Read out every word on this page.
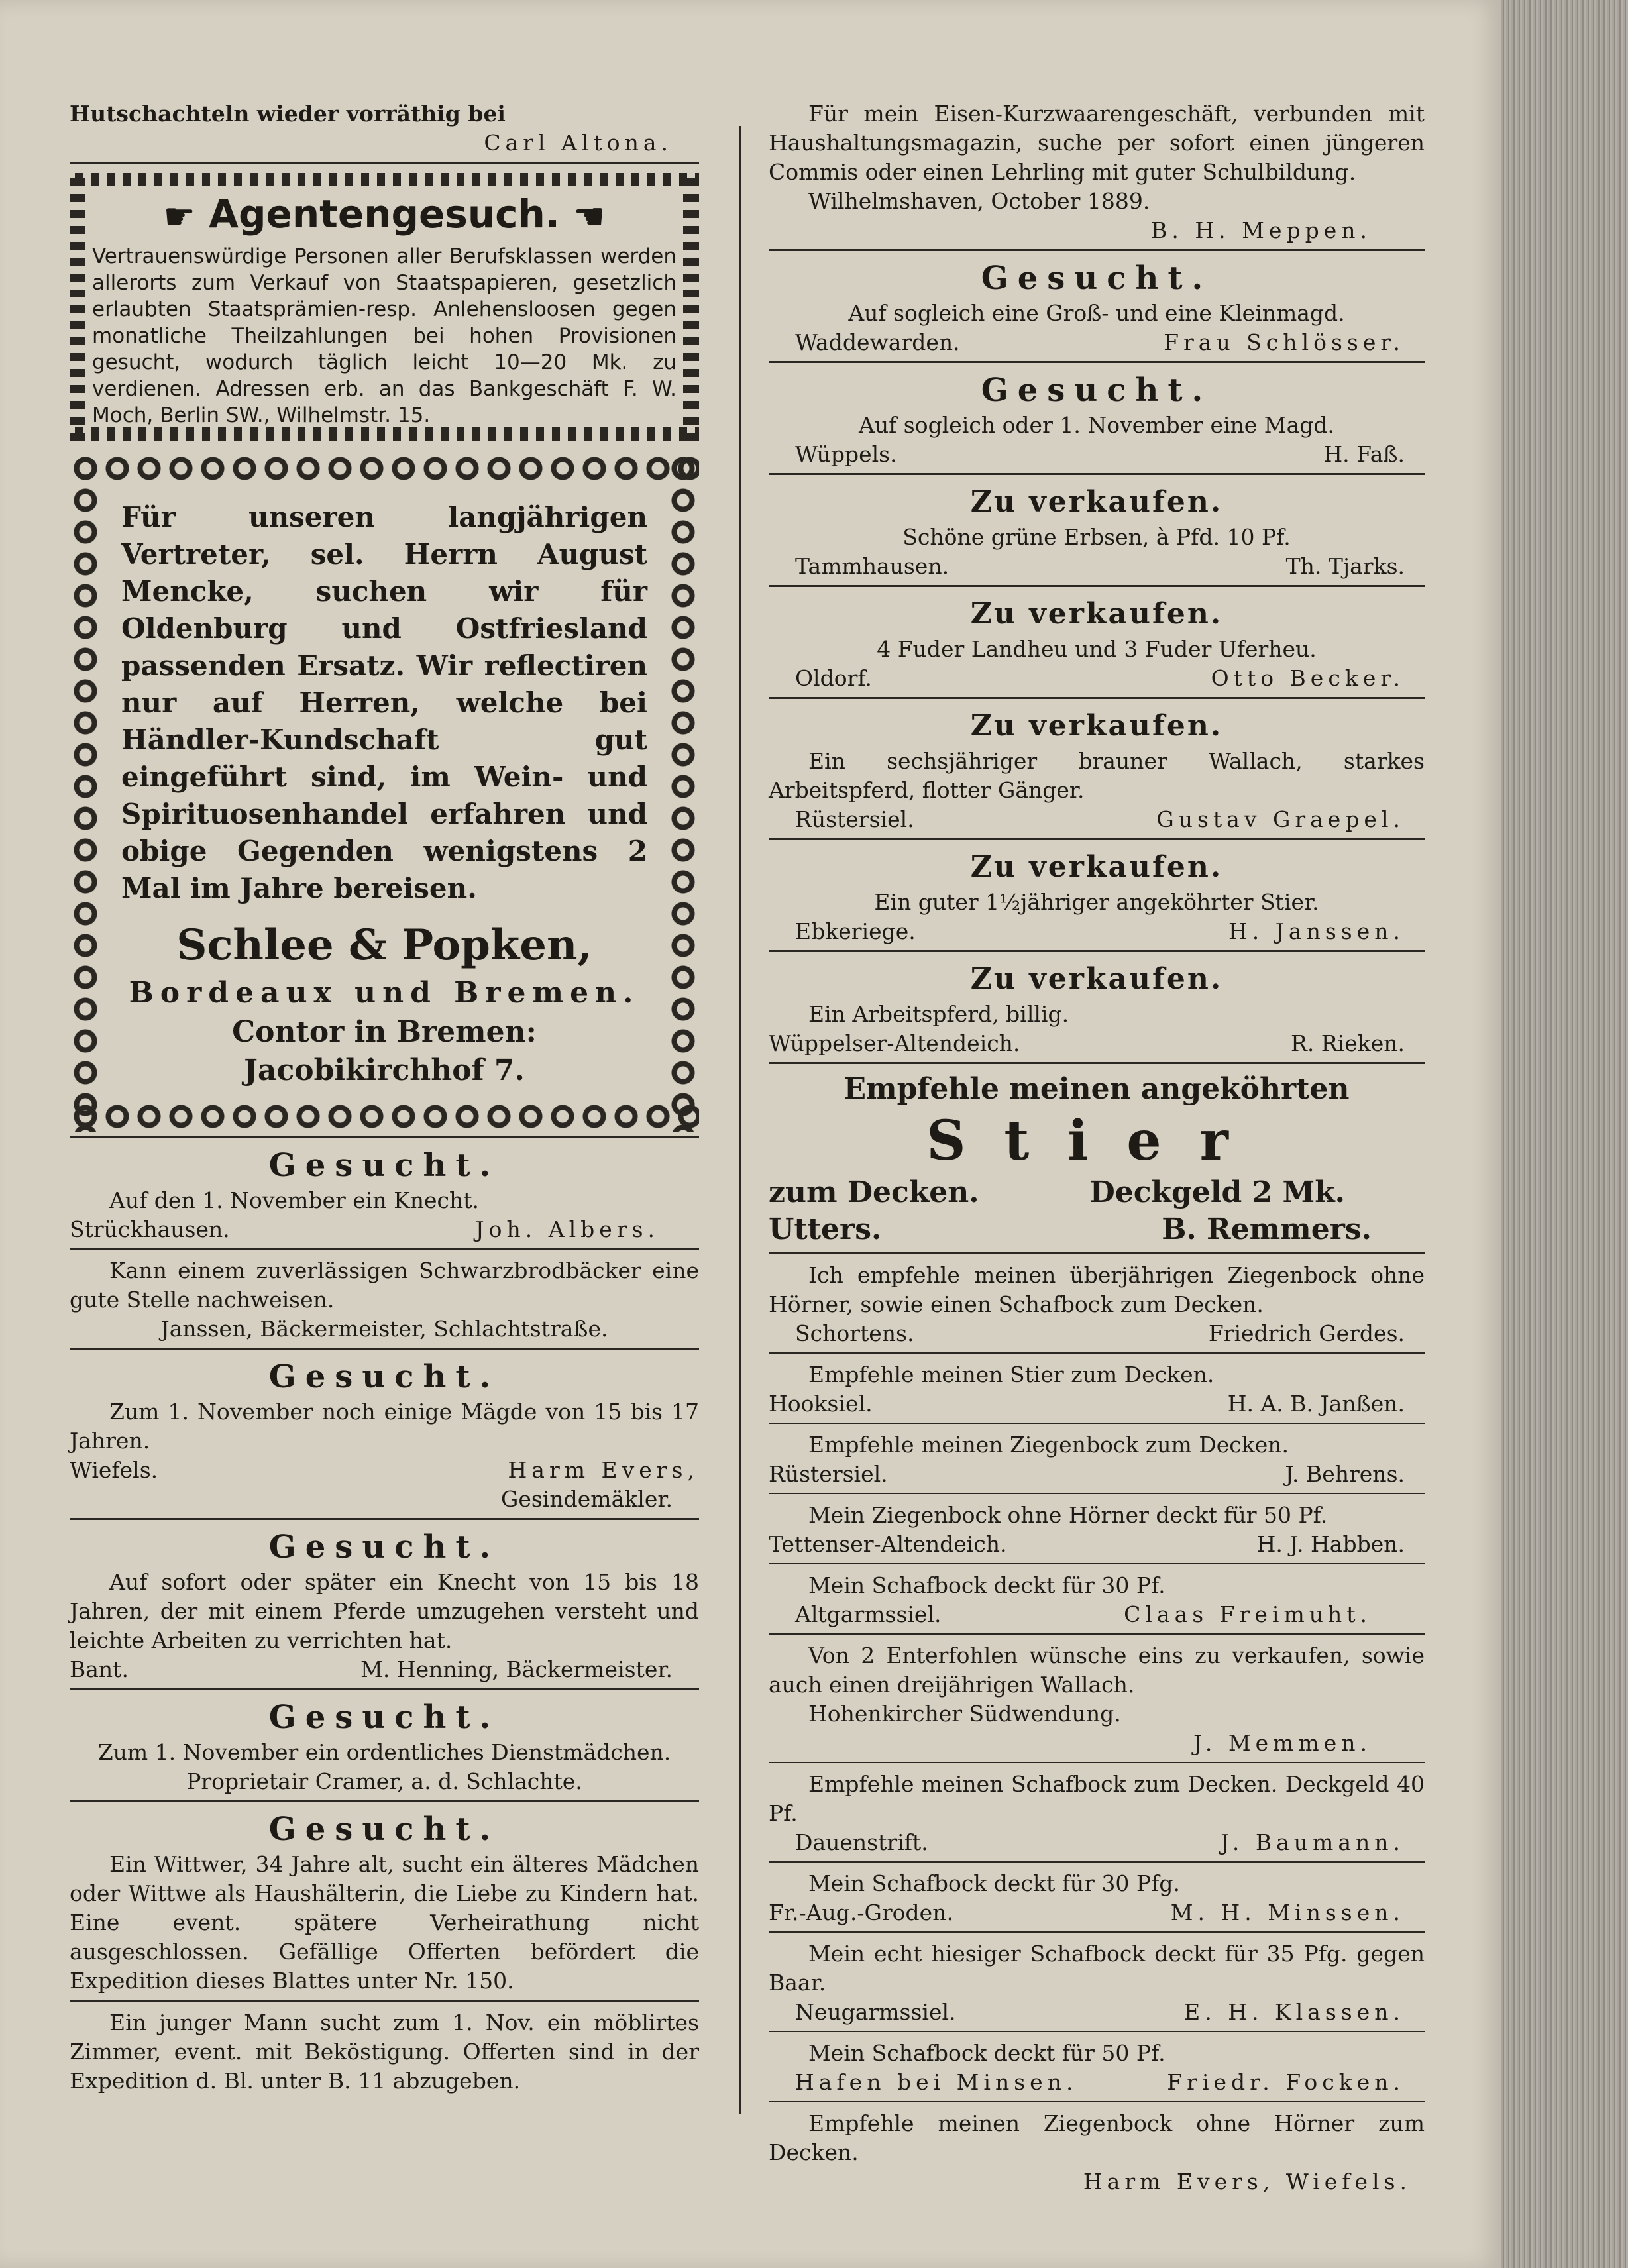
Hutschachteln wieder vorräthig bei
Carl Altona.
☛ Agentengesuch. ☚
Vertrauenswürdige Personen aller Berufsklassen werden allerorts zum Verkauf von Staatspapieren, gesetzlich erlaubten Staatsprämien-resp. Anlehensloosen gegen monatliche Theilzahlungen bei hohen Provisionen gesucht, wodurch täglich leicht 10—20 Mk. zu verdienen. Adressen erb. an das Bankgeschäft F. W. Moch, Berlin SW., Wilhelmstr. 15.
Für unseren langjährigen Vertreter, sel. Herrn August Mencke, suchen wir für Oldenburg und Ostfriesland passenden Ersatz. Wir reflectiren nur auf Herren, welche bei Händler-Kundschaft gut eingeführt sind, im Wein- und Spirituosenhandel erfahren und obige Gegenden wenigstens 2 Mal im Jahre bereisen.
Schlee & Popken,
Bordeaux und Bremen.
Contor in Bremen:
Jacobikirchhof 7.
Gesucht.
Auf den 1. November ein Knecht.
Strückhausen.	Joh. Albers.
Kann einem zuverlässigen Schwarzbrodbäcker eine gute Stelle nachweisen.
Janssen, Bäckermeister, Schlachtstraße.
Gesucht.
Zum 1. November noch einige Mägde von 15 bis 17 Jahren.
Wiefels.	Harm Evers,
Gesindemäkler.
Gesucht.
Auf sofort oder später ein Knecht von 15 bis 18 Jahren, der mit einem Pferde umzugehen versteht und leichte Arbeiten zu verrichten hat.
Bant.	M. Henning, Bäckermeister.
Gesucht.
Zum 1. November ein ordentliches Dienstmädchen.
Proprietair Cramer, a. d. Schlachte.
Gesucht.
Ein Wittwer, 34 Jahre alt, sucht ein älteres Mädchen oder Wittwe als Haushälterin, die Liebe zu Kindern hat. Eine event. spätere Verheirathung nicht ausgeschlossen. Gefällige Offerten befördert die Expedition dieses Blattes unter Nr. 150.
Ein junger Mann sucht zum 1. Nov. ein möblirtes Zimmer, event. mit Beköstigung. Offerten sind in der Expedition d. Bl. unter B. 11 abzugeben.
Für mein Eisen-Kurzwaarengeschäft, verbunden mit Haushaltungsmagazin, suche per sofort einen jüngeren Commis oder einen Lehrling mit guter Schulbildung.
Wilhelmshaven, October 1889.
B. H. Meppen.
Gesucht.
Auf sogleich eine Groß- und eine Kleinmagd.
Waddewarden.	Frau Schlösser.
Gesucht.
Auf sogleich oder 1. November eine Magd.
Wüppels.	H. Faß.
Zu verkaufen.
Schöne grüne Erbsen, à Pfd. 10 Pf.
Tammhausen.	Th. Tjarks.
Zu verkaufen.
4 Fuder Landheu und 3 Fuder Uferheu.
Oldorf.	Otto Becker.
Zu verkaufen.
Ein sechsjähriger brauner Wallach, starkes Arbeitspferd, flotter Gänger.
Rüstersiel.	Gustav Graepel.
Zu verkaufen.
Ein guter 1½jähriger angeköhrter Stier.
Ebkeriege.	H. Janssen.
Zu verkaufen.
Ein Arbeitspferd, billig.
Wüppelser-Altendeich.	R. Rieken.
Empfehle meinen angeköhrten
Stier
zum Decken.	Deckgeld 2 Mk.
Utters.	B. Remmers.
Ich empfehle meinen überjährigen Ziegenbock ohne Hörner, sowie einen Schafbock zum Decken.
Schortens.	Friedrich Gerdes.
Empfehle meinen Stier zum Decken.
Hooksiel.	H. A. B. Janßen.
Empfehle meinen Ziegenbock zum Decken.
Rüstersiel.	J. Behrens.
Mein Ziegenbock ohne Hörner deckt für 50 Pf.
Tettenser-Altendeich.	H. J. Habben.
Mein Schafbock deckt für 30 Pf.
Altgarmssiel.	Claas Freimuht.
Von 2 Enterfohlen wünsche eins zu verkaufen, sowie auch einen dreijährigen Wallach.
Hohenkircher Südwendung.
J. Memmen.
Empfehle meinen Schafbock zum Decken. Deckgeld 40 Pf.
Dauenstrift.	J. Baumann.
Mein Schafbock deckt für 30 Pfg.
Fr.-Aug.-Groden.	M. H. Minssen.
Mein echt hiesiger Schafbock deckt für 35 Pfg. gegen Baar.
Neugarmssiel.	E. H. Klassen.
Mein Schafbock deckt für 50 Pf.
Hafen bei Minsen.	Friedr. Focken.
Empfehle meinen Ziegenbock ohne Hörner zum Decken.
Harm Evers, Wiefels.
